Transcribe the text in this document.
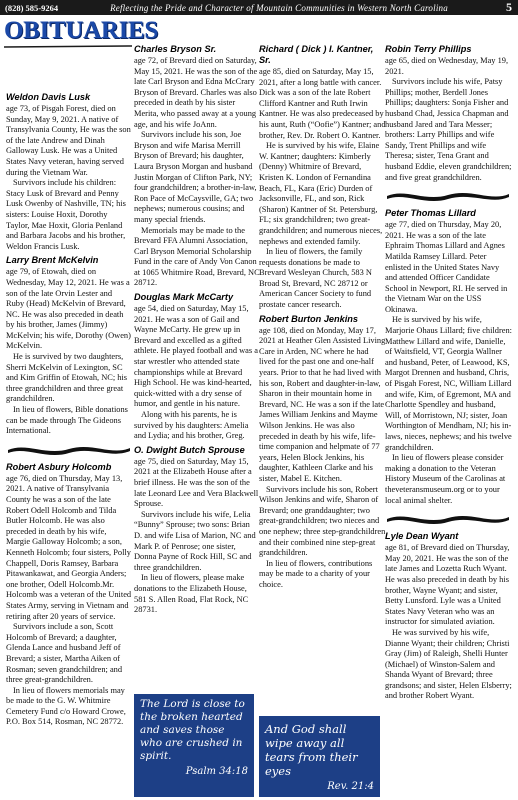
(828) 585-9264	Reflecting the Pride and Character of Mountain Communities in Western North Carolina	5
OBITUARIES
Weldon Davis Lusk

age 73, of Pisgah Forest, died on Sunday, May 9, 2021. A native of Transylvania County, He was the son of the late Andrew and Dinah Galloway Lusk. He was a United States Navy veteran, having served during the Vietnam War.

Survivors include his children: Stacy Lusk of Brevard and Penny Lusk Owenby of Nashville, TN; his sisters: Louise Hoxit, Dorothy Taylor, Mae Hoxit, Gloria Penland and Barbara Jacobs and his brother, Weldon Francis Lusk.

Larry Brent McKelvin

age 79, of Etowah, died on Wednesday, May 12, 2021. He was a son of the late Orvin Lester and Ruby (Head) McKelvin of Brevard, NC. He was also preceded in death by his brother, James (Jimmy) McKelvin; his wife, Dorothy (Owen) McKelvin.

He is survived by two daughters, Sherri McKelvin of Lexington, SC and Kim Griffin of Etowah, NC; his three grandchildren and three great grandchildren.

In lieu of flowers, Bible donations can be made through The Gideons International.

Robert Asbury Holcomb

age 76, died on Thursday, May 13, 2021. A native of Transylvania County he was a son of the late Robert Odell Holcomb and Tilda Butler Holcomb. He was also preceded in death by his wife, Margie Galloway Holcomb; a son, Kenneth Holcomb; four sisters, Polly Chappell, Doris Ramsey, Barbara Pitawankawat, and Georgia Anders; one brother, Odell Holcomb.Mr. Holcomb was a veteran of the United States Army, serving in Vietnam and retiring after 20 years of service.

Survivors include a son, Scott Holcomb of Brevard; a daughter, Glenda Lance and husband Jeff of Brevard; a sister, Martha Aiken of Rosman; seven grandchildren; and three great-grandchildren.

In lieu of flowers memorials may be made to the G. W. Whitmire Cemetery Fund c/o Howard Crowe, P.O. Box 514, Rosman, NC 28772.

Charles Bryson Sr.

age 72, of Brevard died on Saturday, May 15, 2021. He was the son of the late Carl Bryson and Edna McCrary Bryson of Brevard. Charles was also preceded in death by his sister Merita, who passed away at a young age, and his wife JoAnn.

Survivors include his son, Joe Bryson and wife Marisa Merrill Bryson of Brevard; his daughter, Laura Bryson Morgan and husband Justin Morgan of Clifton Park, NY; four grandchildren; a brother-in-law, Ron Pace of McCaysville, GA; two nephews; numerous cousins; and many special friends.

Memorials may be made to the Brevard FFA Alumni Association, Carl Bryson Memorial Scholarship Fund in the care of Andy Von Canon at 1065 Whitmire Road, Brevard, NC 28712.

Douglas Mark McCarty

age 54, died on Saturday, May 15, 2021. He was a son of Gail and Wayne McCarty. He grew up in Brevard and excelled as a gifted athlete. He played football and was a star wrestler who attended state championships while at Brevard High School. He was kind-hearted, quick-witted with a dry sense of humor, and gentle in his nature.

Along with his parents, he is survived by his daughters: Amelia and Lydia; and his brother, Greg.

O. Dwight Butch Sprouse

age 75, died on Saturday, May 15, 2021 at the Elizabeth House after a brief illness. He was the son of the late Leonard Lee and Vera Blackwell Sprouse.

Survivors include his wife, Lelia “Bunny” Sprouse; two sons: Brian D. and wife Lisa of Marion, NC and Mark P. of Penrose; one sister, Donna Payne of Rock Hill, SC and three grandchildren.

In lieu of flowers, please make donations to the Elizabeth House, 581 S. Allen Road, Flat Rock, NC 28731.

Richard ( Dick ) I. Kantner, Sr.

age 85, died on Saturday, May 15, 2021, after a long battle with cancer. Dick was a son of the late Robert Clifford Kantner and Ruth Irwin Kantner. He was also predeceased by his aunt, Ruth (“Oofie”) Kantner; and brother, Rev. Dr. Robert O. Kantner.

He is survived by his wife, Elaine W. Kantner; daughters: Kimberly (Denny) Whitmire of Brevard, Kristen K. London of Fernandina Beach, FL, Kara (Eric) Durden of Jacksonville, FL, and son, Rick (Sharon) Kantner of St. Petersburg, FL; six grandchildren; two great-grandchildren; and numerous nieces, nephews and extended family.

In lieu of flowers, the family requests donations be made to Brevard Wesleyan Church, 583 N Broad St, Brevard, NC 28712 or American Cancer Society to fund prostate cancer research.

Robert Burton Jenkins

age 108, died on Monday, May 17, 2021 at Heather Glen Assisted Living Care in Arden, NC where he had lived for the past one and one-half years. Prior to that he had lived with his son, Robert and daughter-in-law, Sharon in their mountain home in Brevard, NC. He was a son if the late James William Jenkins and Mayme Wilson Jenkins. He was also preceded in death by his wife, life-time companion and helpmate of 77 years, Helen Block Jenkins, his daughter, Kathleen Clarke and his sister, Mabel E. Kitchen.

Survivors include his son, Robert Wilson Jenkins and wife, Sharon of Brevard; one granddaughter; two great-grandchildren; two nieces and one nephew; three step-grandchildren and their combined nine step-great grandchildren.

In lieu of flowers, contributions may be made to a charity of your choice.

Robin Terry Phillips

age 65, died on Wednesday, May 19, 2021.

Survivors include his wife, Patsy Phillips; mother, Berdell Jones Phillips; daughters: Sonja Fisher and husband Chad, Jessica Chapman and husband Jared and Tara Messer; brothers: Larry Phillips and wife Sandy, Trent Phillips and wife Theresa; sister, Tena Grant and husband Eddie, eleven grandchildren; and five great grandchildren.

Peter Thomas Lillard

age 77, died on Thursday, May 20, 2021. He was a son of the late Ephraim Thomas Lillard and Agnes Matilda Ramsey Lillard. Peter enlisted in the United States Navy and attended Officer Candidate School in Newport, RI. He served in the Vietnam War on the USS Okinawa.

He is survived by his wife, Marjorie Ohaus Lillard; five children: Matthew Lillard and wife, Danielle, of Waitsfield, VT, Georgia Wallner and husband, Peter, of Leawood, KS, Margot Drennen and husband, Chris, of Pisgah Forest, NC, William Lillard and wife, Kim, of Egremont, MA and Charlotte Spendley and husband, Will, of Morristown, NJ; sister, Joan Worthington of Mendham, NJ; his in-laws, nieces, nephews; and his twelve grandchildren.

In lieu of flowers please consider making a donation to the Veteran History Museum of the Carolinas at theveteransmuseum.org or to your local animal shelter.

Lyle Dean Wyant

age 81, of Brevard died on Thursday, May 20, 2021. He was the son of the late James and Lozetta Ruch Wyant. He was also preceded in death by his brother, Wayne Wyant; and sister, Betty Lunsford. Lyle was a United States Navy Veteran who was an instructor for simulated aviation.

He was survived by his wife, Dianne Wyant; their children; Christi Gray (Jim) of Raleigh, Shelli Hunter (Michael) of Winston-Salem and Shanda Wyant of Brevard; three grandsons; and sister, Helen Elsberry; and brother Robert Wyant.

The Lord is close to the broken hearted and saves those who are crushed in spirit.
Psalm 34:18
And God shall wipe away all tears from their eyes
Rev. 21:4
